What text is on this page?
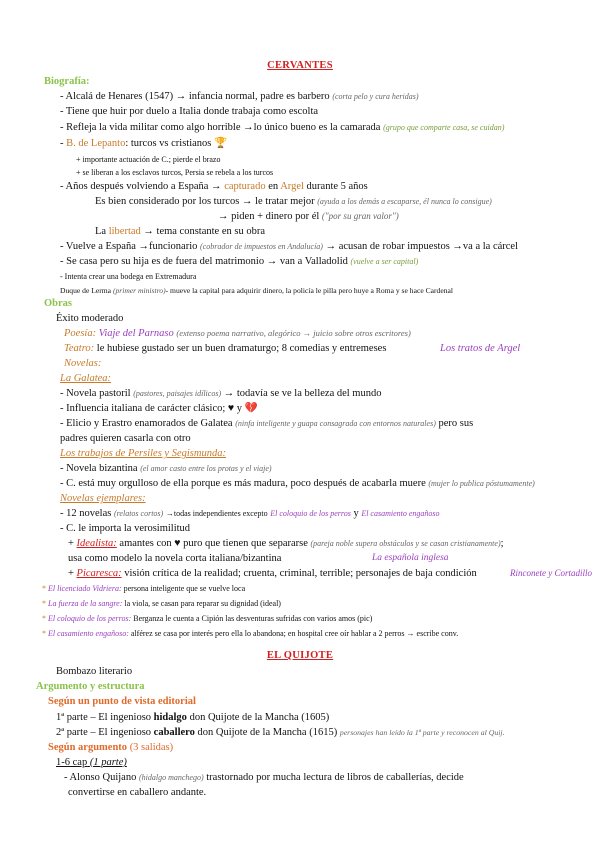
CERVANTES
Biografía:
- Alcalá de Henares (1547) → infancia normal, padre es barbero (corta pelo y cura heridas)
- Tiene que huir por duelo a Italia donde trabaja como escolta
- Refleja la vida militar como algo horrible →lo único bueno es la camarada (grupo que comparte casa, se cuidan)
- B. de Lepanto: turcos vs cristianos 🏆
+ importante actuación de C.; pierde el brazo
+ se liberan a los esclavos turcos, Persia se rebela a los turcos
- Años después volviendo a España → capturado en Argel durante 5 años
Es bien considerado por los turcos → le tratar mejor (ayuda a los demás a escaparse, él nunca lo consigue)
→ piden + dinero por él ("por su gran valor")
La libertad → tema constante en su obra
- Vuelve a España →funcionario (cobrador de impuestos en Andalucía) → acusan de robar impuestos →va a la cárcel
- Se casa pero su hija es de fuera del matrimonio → van a Valladolid (vuelve a ser capital)
- Intenta crear una bodega en Extremadura
Duque de Lerma (primer ministro)- mueve la capital para adquirir dinero, la policía le pilla pero huye a Roma y se hace Cardenal
Obras
Éxito moderado
Poesía: Viaje del Parnaso (extenso poema narrativo, alegórico → juicio sobre otros escritores)
Teatro: le hubiese gustado ser un buen dramaturgo; 8 comedias y entremeses	Los tratos de Argel
Novelas:
La Galatea:
- Novela pastoril (pastores, paisajes idílicos) → todavía se ve la belleza del mundo
- Influencia italiana de carácter clásico; ♥ y 💔
- Elicio y Erastro enamorados de Galatea (ninfa inteligente y guapa consagrada con entornos naturales) pero sus
padres quieren casarla con otro
Los trabajos de Persiles y Segismunda:
- Novela bizantina (el amor casto entre los protas y el viaje)
- C. está muy orgulloso de ella porque es más madura, poco después de acabarla muere (mujer lo publica póstumamente)
Novelas ejemplares:
- 12 novelas (relatos cortos) →todas independientes excepto El coloquio de los perros y El casamiento engañoso
- C. le importa la verosimilitud
+ Idealista: amantes con ♥ puro que tienen que separarse (pareja noble supera obstáculos y se casan cristianamente);
usa como modelo la novela corta italiana/bizantina	La española inglesa
+ Picaresca: visión crítica de la realidad; cruenta, criminal, terrible; personajes de baja condición	Rinconete y Cortadillo
* El licenciado Vidriera: persona inteligente que se vuelve loca
* La fuerza de la sangre: la viola, se casan para reparar su dignidad (ideal)
* El coloquio de los perros: Berganza le cuenta a Cipión las desventuras sufridas con varios amos (pic)
* El casamiento engañoso: alférez se casa por interés pero ella lo abandona; en hospital cree oír hablar a 2 perros → escribe conv.
EL QUIJOTE
Bombazo literario
Argumento y estructura
Según un punto de vista editorial
1ª parte – El ingenioso hidalgo don Quijote de la Mancha (1605)
2ª parte – El ingenioso caballero don Quijote de la Mancha (1615) personajes han leído la 1ª parte y reconocen al Quij.
Según argumento (3 salidas)
1-6 cap (1 parte)
- Alonso Quijano (hidalgo manchego) trastornado por mucha lectura de libros de caballerías, decide
convertirse en caballero andante.
